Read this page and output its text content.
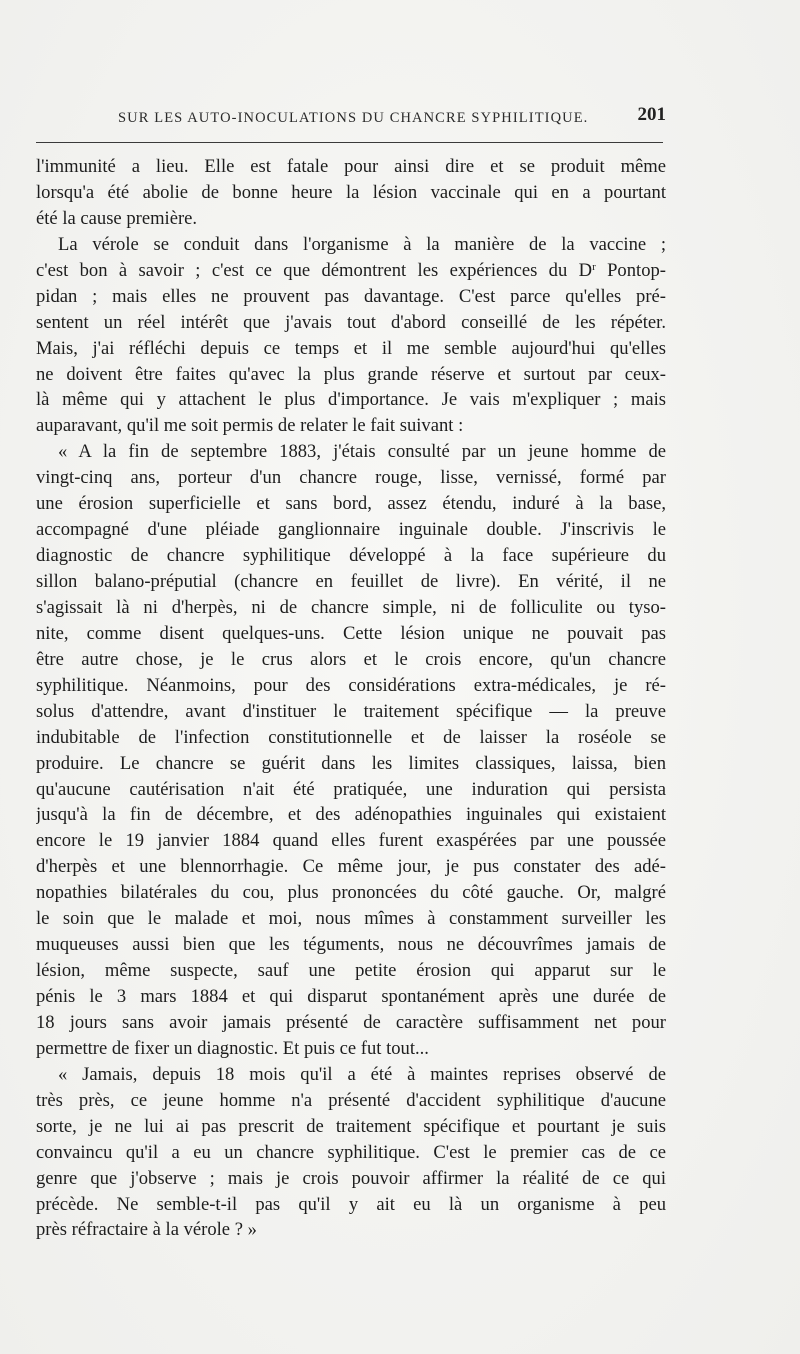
SUR LES AUTO-INOCULATIONS DU CHANCRE SYPHILITIQUE.	201
l'immunité a lieu. Elle est fatale pour ainsi dire et se produit même
lorsqu'a été abolie de bonne heure la lésion vaccinale qui en a pourtant
été la cause première.
La vérole se conduit dans l'organisme à la manière de la vaccine ;
c'est bon à savoir ; c'est ce que démontrent les expériences du $D^r$ Pontop-
pidan ; mais elles ne prouvent pas davantage. C'est parce qu'elles pré-
sentent un réel intérêt que j'avais tout d'abord conseillé de les répéter.
Mais, j'ai réfléchi depuis ce temps et il me semble aujourd'hui qu'elles
ne doivent être faites qu'avec la plus grande réserve et surtout par ceux-
là même qui y attachent le plus d'importance. Je vais m'expliquer ; mais
auparavant, qu'il me soit permis de relater le fait suivant :
« A la fin de septembre 1883, j'étais consulté par un jeune homme de
vingt-cinq ans, porteur d'un chancre rouge, lisse, vernissé, formé par
une érosion superficielle et sans bord, assez étendu, induré à la base,
accompagné d'une pléiade ganglionnaire inguinale double. J'inscrivis le
diagnostic de chancre syphilitique développé à la face supérieure du
sillon balano-préputial (chancre en feuillet de livre). En vérité, il ne
s'agissait là ni d'herpès, ni de chancre simple, ni de folliculite ou tyso-
nite, comme disent quelques-uns. Cette lésion unique ne pouvait pas
être autre chose, je le crus alors et le crois encore, qu'un chancre
syphilitique. Néanmoins, pour des considérations extra-médicales, je ré-
solus d'attendre, avant d'instituer le traitement spécifique — la preuve
indubitable de l'infection constitutionnelle et de laisser la roséole se
produire. Le chancre se guérit dans les limites classiques, laissa, bien
qu'aucune cautérisation n'ait été pratiquée, une induration qui persista
jusqu'à la fin de décembre, et des adénopathies inguinales qui existaient
encore le 19 janvier 1884 quand elles furent exaspérées par une poussée
d'herpès et une blennorrhagie. Ce même jour, je pus constater des adé-
nopathies bilatérales du cou, plus prononcées du côté gauche. Or, malgré
le soin que le malade et moi, nous mîmes à constamment surveiller les
muqueuses aussi bien que les téguments, nous ne découvrîmes jamais de
lésion, même suspecte, sauf une petite érosion qui apparut sur le
pénis le 3 mars 1884 et qui disparut spontanément après une durée de
18 jours sans avoir jamais présenté de caractère suffisamment net pour
permettre de fixer un diagnostic. Et puis ce fut tout...
« Jamais, depuis 18 mois qu'il a été à maintes reprises observé de
très près, ce jeune homme n'a présenté d'accident syphilitique d'aucune
sorte, je ne lui ai pas prescrit de traitement spécifique et pourtant je suis
convaincu qu'il a eu un chancre syphilitique. C'est le premier cas de ce
genre que j'observe ; mais je crois pouvoir affirmer la réalité de ce qui
précède. Ne semble-t-il pas qu'il y ait eu là un organisme à peu
près réfractaire à la vérole ? »
